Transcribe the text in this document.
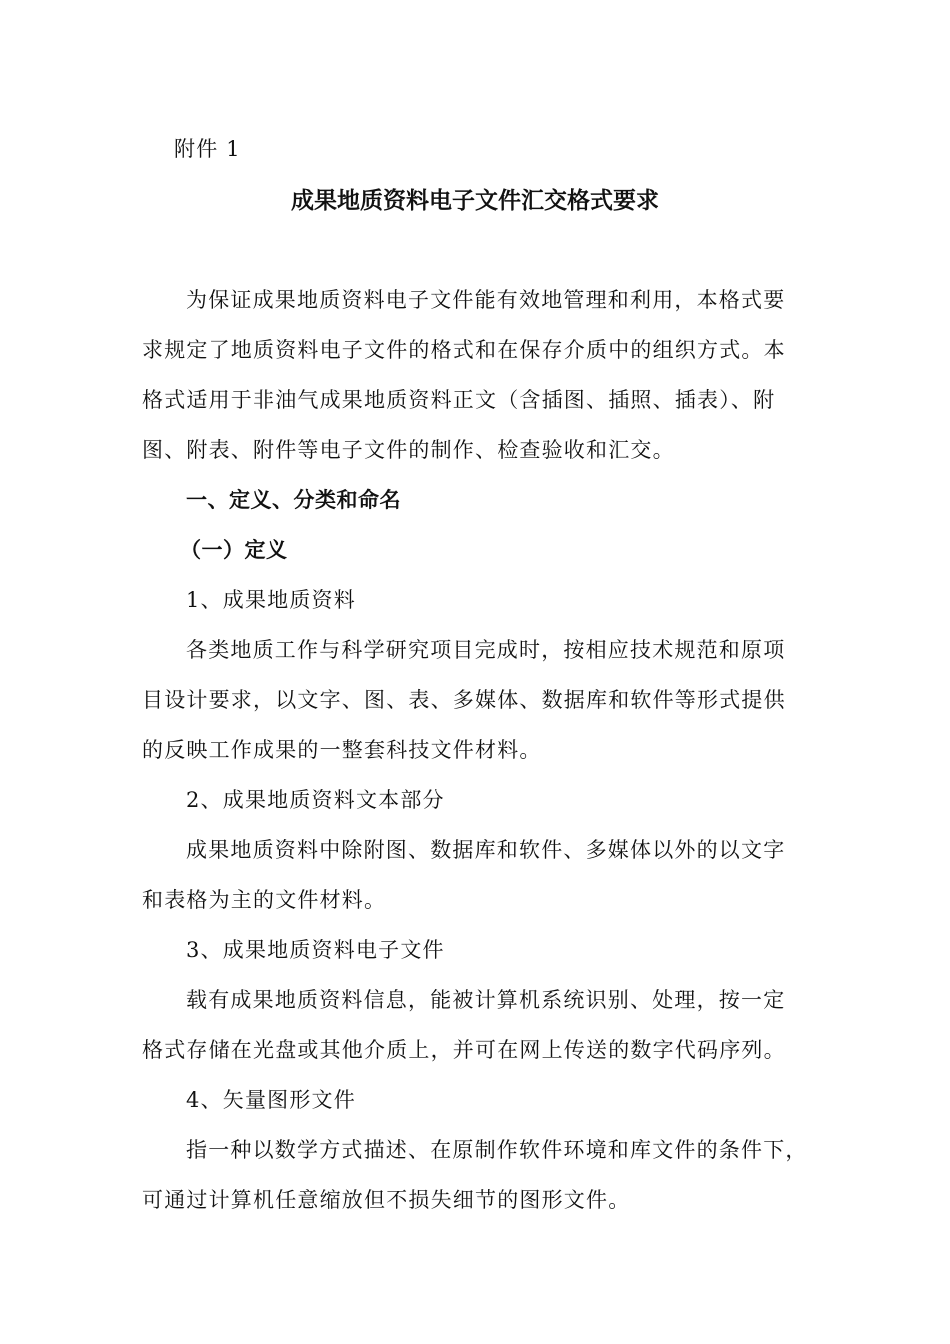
附件 1
成果地质资料电子文件汇交格式要求
为保证成果地质资料电子文件能有效地管理和利用，本格式要
求规定了地质资料电子文件的格式和在保存介质中的组织方式。本
格式适用于非油气成果地质资料正文（含插图、插照、插表）、附
图、附表、附件等电子文件的制作、检查验收和汇交。
一、定义、分类和命名
（一）定义
1、成果地质资料
各类地质工作与科学研究项目完成时，按相应技术规范和原项
目设计要求，以文字、图、表、多媒体、数据库和软件等形式提供
的反映工作成果的一整套科技文件材料。
2、成果地质资料文本部分
成果地质资料中除附图、数据库和软件、多媒体以外的以文字
和表格为主的文件材料。
3、成果地质资料电子文件
载有成果地质资料信息，能被计算机系统识别、处理，按一定
格式存储在光盘或其他介质上，并可在网上传送的数字代码序列。
4、矢量图形文件
指一种以数学方式描述、在原制作软件环境和库文件的条件下，
可通过计算机任意缩放但不损失细节的图形文件。
